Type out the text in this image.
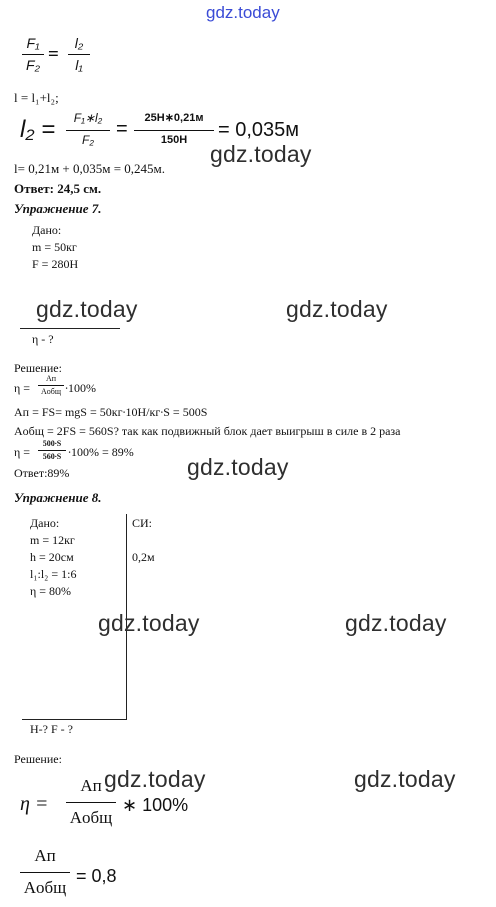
gdz.today
F₁
F₂ =
l₂
l₁
l = l₁+l₂;
l₂ =	F₁∗l₂
F₂	=	25Н∗0,21м
150Н	= 0,035м
gdz.today
l= 0,21м + 0,035м = 0,245м.
Ответ: 24,5 см.
Упражнение 7.
Дано:
m = 50кг
F = 280Н
gdz.today	gdz.today
η - ?
Решение:
η =
Aп
Aобщ ∙100%
Aп = FS= mgS = 50кг∙10Н/кг∙S = 500S
Aобщ = 2FS = 560S? так как подвижный блок дает выигрыш в силе в 2 раза
η =
500∙S
560∙S ∙100% = 89%
gdz.today
Ответ:89%
Упражнение 8.
Дано:	СИ:
m = 12кг
h = 20см	0,2м
l₁:l₂ = 1:6
η = 80%
H-? F - ?
gdz.today	gdz.today
Решение:
gdz.today	gdz.today
η =
Aп
Aобщ
∗ 100%
Aп
Aобщ
= 0,8
